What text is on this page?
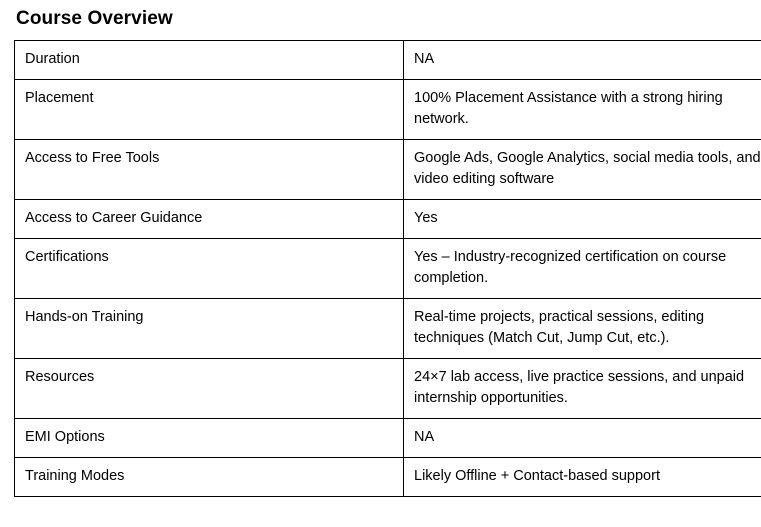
Course Overview
Duration	NA
Placement	100% Placement Assistance with a strong hiring network.
Access to Free Tools	Google Ads, Google Analytics, social media tools, and video editing software
Access to Career Guidance	Yes
Certifications	Yes – Industry-recognized certification on course completion.
Hands-on Training	Real-time projects, practical sessions, editing techniques (Match Cut, Jump Cut, etc.).
Resources	24×7 lab access, live practice sessions, and unpaid internship opportunities.
EMI Options	NA
Training Modes	Likely Offline + Contact-based support
